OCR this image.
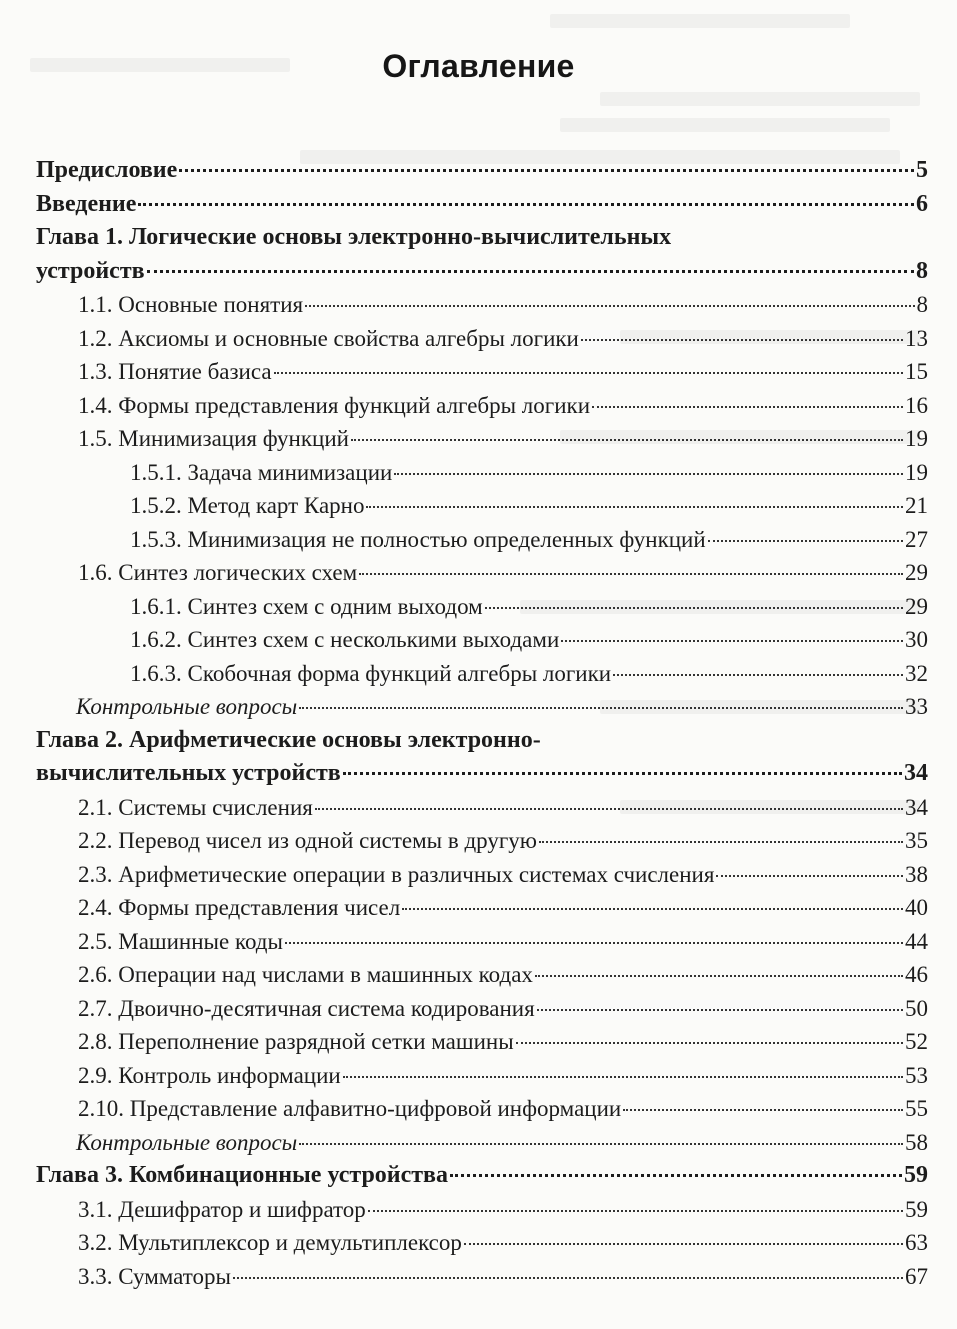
Оглавление
Предисловие	5
Введение	6
Глава 1. Логические основы электронно-вычислительных
устройств	8
1.1. Основные понятия	8
1.2. Аксиомы и основные свойства алгебры логики	13
1.3. Понятие базиса	15
1.4. Формы представления функций алгебры логики	16
1.5. Минимизация функций	19
1.5.1. Задача минимизации	19
1.5.2. Метод карт Карно	21
1.5.3. Минимизация не полностью определенных функций	27
1.6. Синтез логических схем	29
1.6.1. Синтез схем с одним выходом	29
1.6.2. Синтез схем с несколькими выходами	30
1.6.3. Скобочная форма функций алгебры логики	32
Контрольные вопросы	33
Глава 2. Арифметические основы электронно-
вычислительных устройств	34
2.1. Системы счисления	34
2.2. Перевод чисел из одной системы в другую	35
2.3. Арифметические операции в различных системах счисления	38
2.4. Формы представления чисел	40
2.5. Машинные коды	44
2.6. Операции над числами в машинных кодах	46
2.7. Двоично-десятичная система кодирования	50
2.8. Переполнение разрядной сетки машины	52
2.9. Контроль информации	53
2.10. Представление алфавитно-цифровой информации	55
Контрольные вопросы	58
Глава 3. Комбинационные устройства	59
3.1. Дешифратор и шифратор	59
3.2. Мультиплексор и демультиплексор	63
3.3. Сумматоры	67
